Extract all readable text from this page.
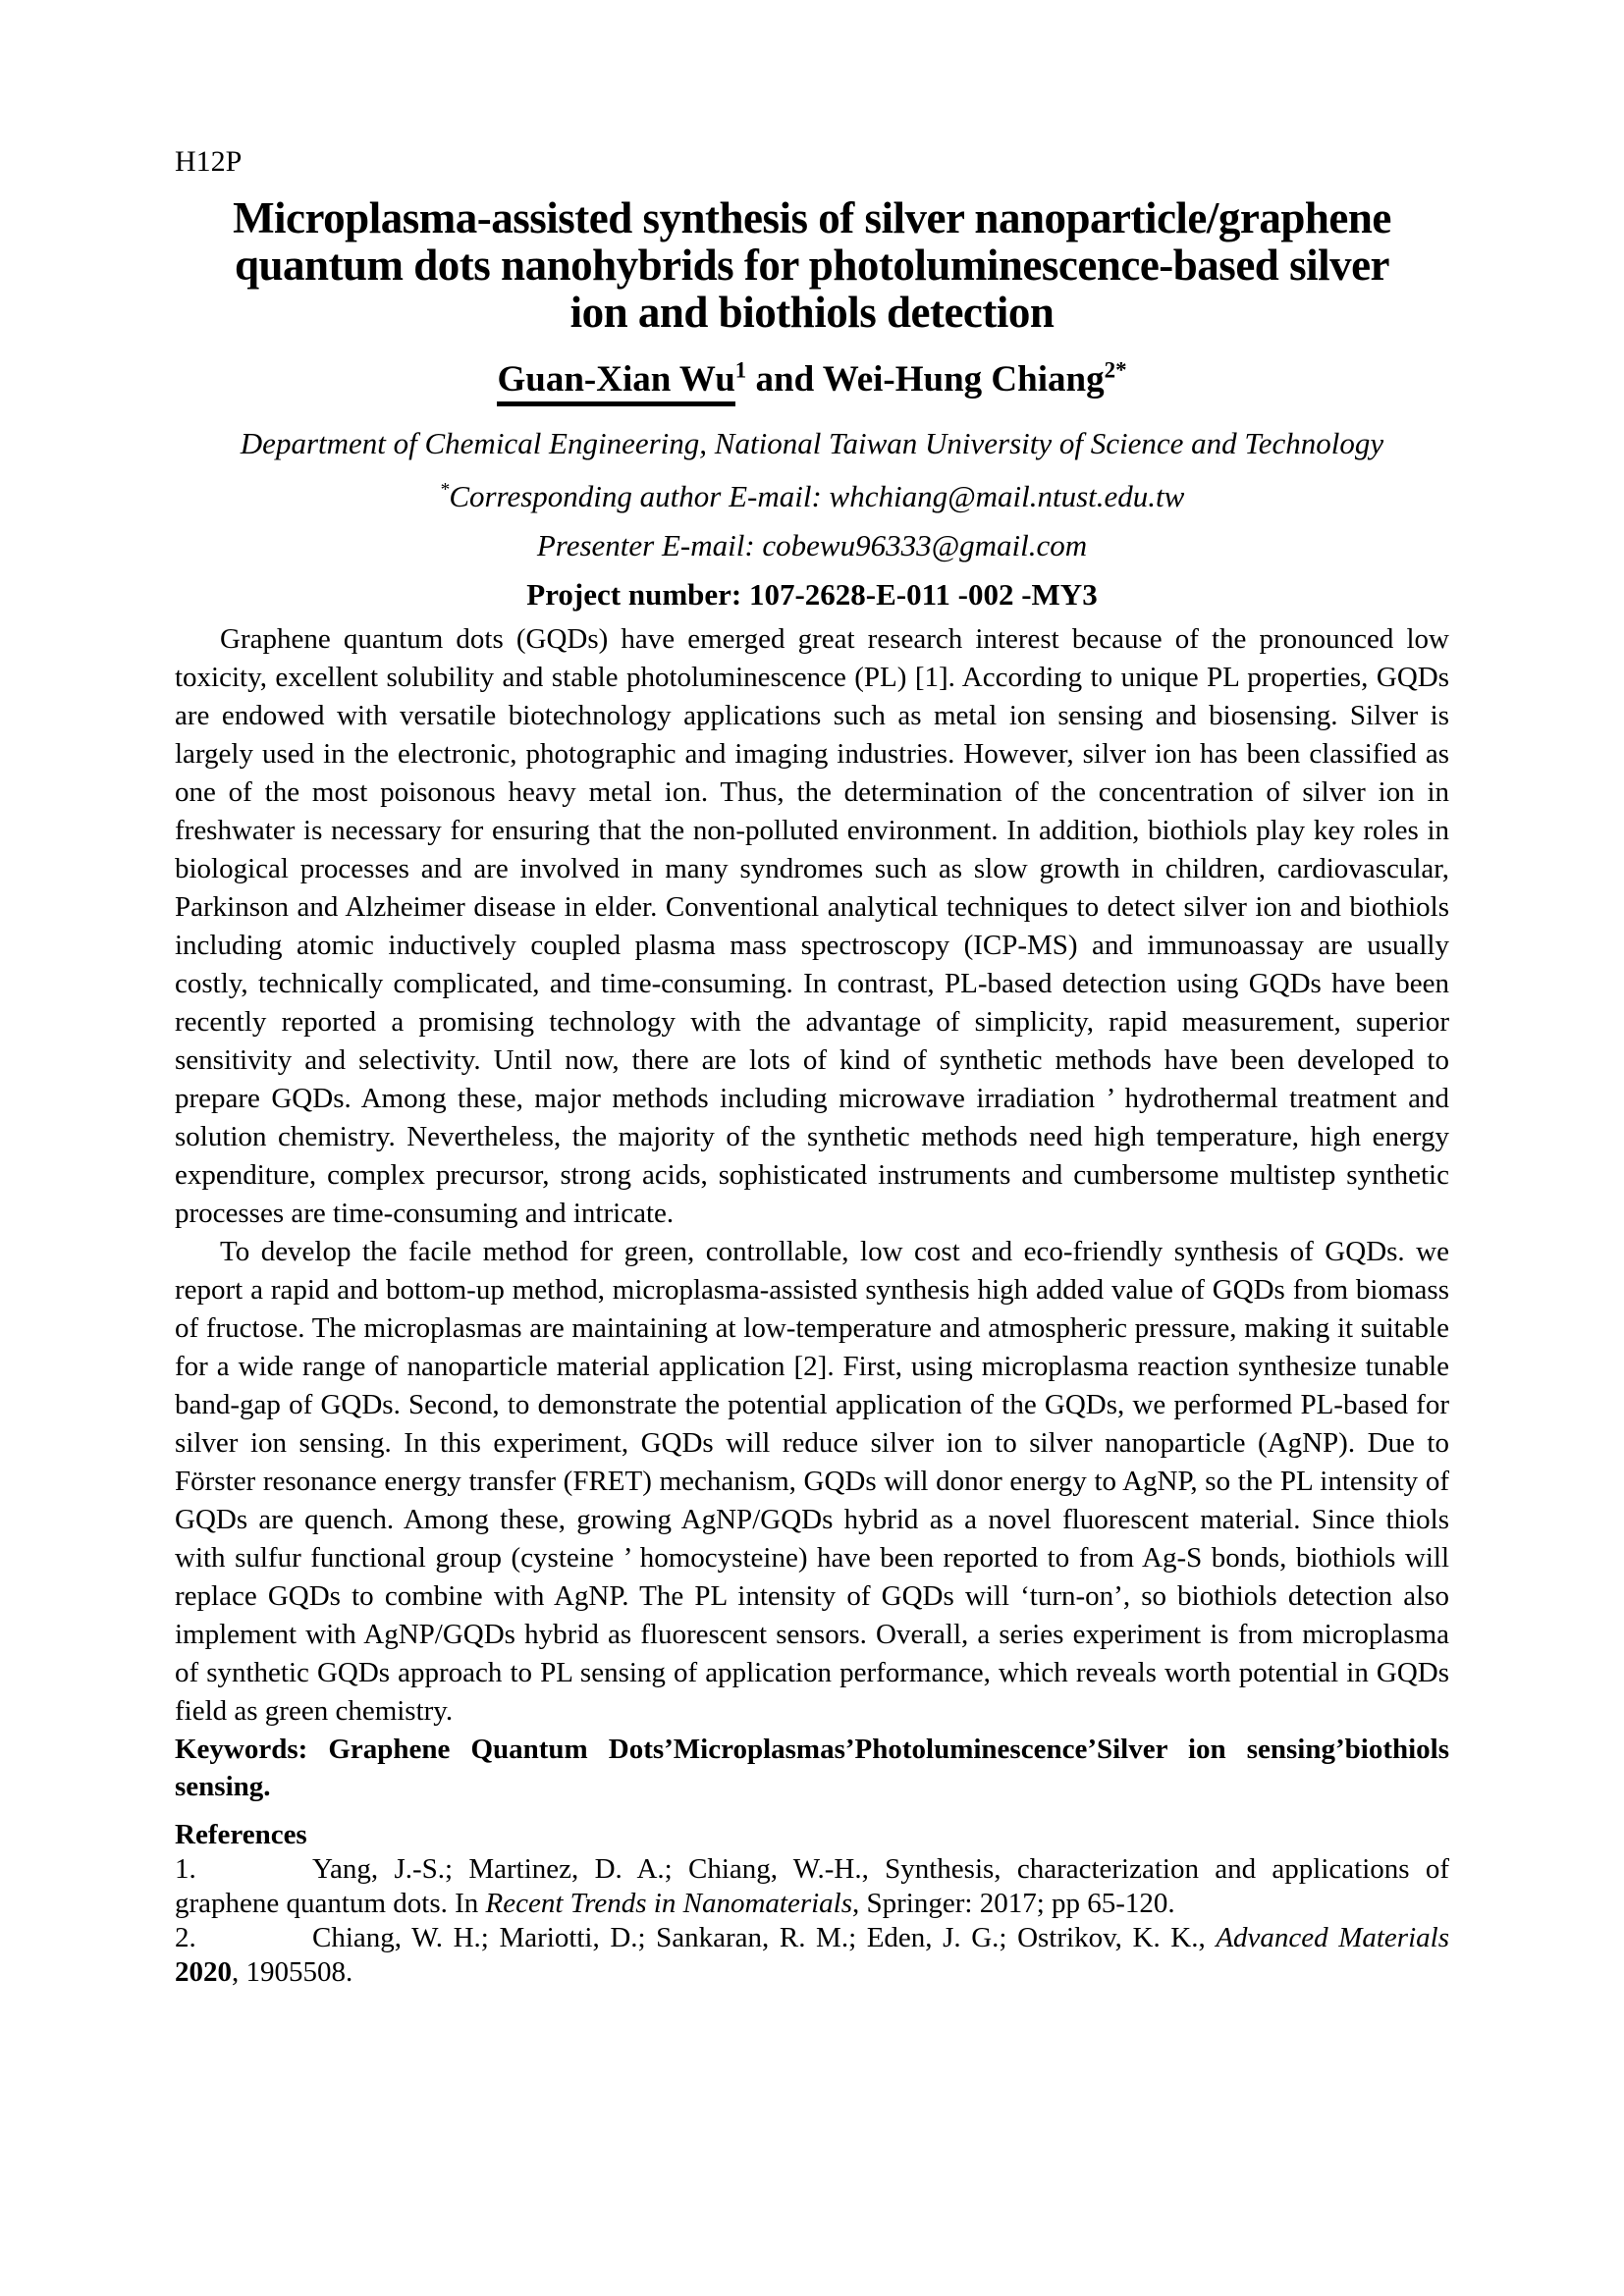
H12P
Microplasma-assisted synthesis of silver nanoparticle/graphene
quantum dots nanohybrids for photoluminescence-based silver
ion and biothiols detection
Guan-Xian Wu$^1$ and Wei-Hung Chiang$^{2*}$
Department of Chemical Engineering, National Taiwan University of Science and Technology
*Corresponding author E-mail: whchiang@mail.ntust.edu.tw
Presenter E-mail: cobewu96333@gmail.com
Project number: 107-2628-E-011 -002 -MY3

Graphene quantum dots (GQDs) have emerged great research interest because of the pronounced low toxicity, excellent solubility and stable photoluminescence (PL) [1]. According to unique PL properties, GQDs are endowed with versatile biotechnology applications such as metal ion sensing and biosensing. Silver is largely used in the electronic, photographic and imaging industries. However, silver ion has been classified as one of the most poisonous heavy metal ion. Thus, the determination of the concentration of silver ion in freshwater is necessary for ensuring that the non-polluted environment. In addition, biothiols play key roles in biological processes and are involved in many syndromes such as slow growth in children, cardiovascular, Parkinson and Alzheimer disease in elder. Conventional analytical techniques to detect silver ion and biothiols including atomic inductively coupled plasma mass spectroscopy (ICP-MS) and immunoassay are usually costly, technically complicated, and time-consuming. In contrast, PL-based detection using GQDs have been recently reported a promising technology with the advantage of simplicity, rapid measurement, superior sensitivity and selectivity. Until now, there are lots of kind of synthetic methods have been developed to prepare GQDs. Among these, major methods including microwave irradiation ’ hydrothermal treatment and solution chemistry. Nevertheless, the majority of the synthetic methods need high temperature, high energy expenditure, complex precursor, strong acids, sophisticated instruments and cumbersome multistep synthetic processes are time-consuming and intricate.

To develop the facile method for green, controllable, low cost and eco-friendly synthesis of GQDs. we report a rapid and bottom-up method, microplasma-assisted synthesis high added value of GQDs from biomass of fructose. The microplasmas are maintaining at low-temperature and atmospheric pressure, making it suitable for a wide range of nanoparticle material application [2]. First, using microplasma reaction synthesize tunable band-gap of GQDs. Second, to demonstrate the potential application of the GQDs, we performed PL-based for silver ion sensing. In this experiment, GQDs will reduce silver ion to silver nanoparticle (AgNP). Due to Förster resonance energy transfer (FRET) mechanism, GQDs will donor energy to AgNP, so the PL intensity of GQDs are quench. Among these, growing AgNP/GQDs hybrid as a novel fluorescent material. Since thiols with sulfur functional group (cysteine ’ homocysteine) have been reported to from Ag-S bonds, biothiols will replace GQDs to combine with AgNP. The PL intensity of GQDs will ‘turn-on’, so biothiols detection also implement with AgNP/GQDs hybrid as fluorescent sensors. Overall, a series experiment is from microplasma of synthetic GQDs approach to PL sensing of application performance, which reveals worth potential in GQDs field as green chemistry.

Keywords: Graphene Quantum Dots’Microplasmas’Photoluminescence’Silver ion sensing’biothiols sensing.

References

1.	Yang, J.-S.; Martinez, D. A.; Chiang, W.-H., Synthesis, characterization and applications of graphene quantum dots. In Recent Trends in Nanomaterials, Springer: 2017; pp 65-120.

2.	Chiang, W. H.; Mariotti, D.; Sankaran, R. M.; Eden, J. G.; Ostrikov, K. K., Advanced Materials 2020, 1905508.
